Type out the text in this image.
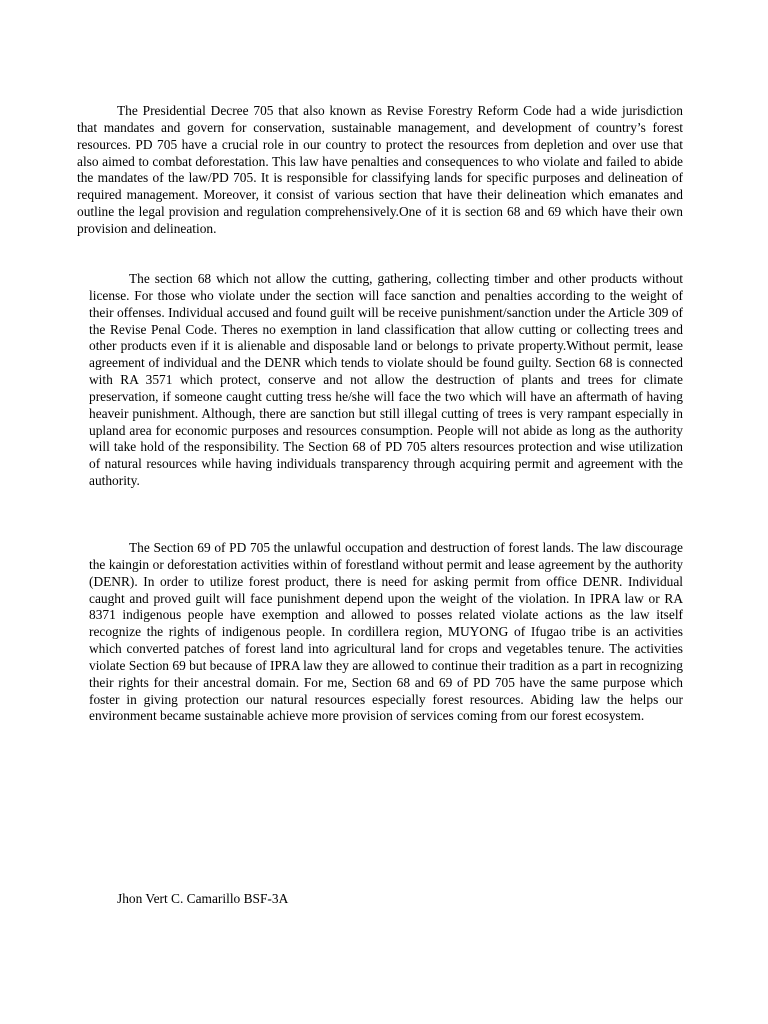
The Presidential Decree 705 that also known as Revise Forestry Reform Code had a wide jurisdiction that mandates and govern for conservation, sustainable management, and development of country’s forest resources. PD 705 have a crucial role in our country to protect the resources from depletion and over use that also aimed to combat deforestation. This law have penalties and consequences to who violate and failed to abide the mandates of the law/PD 705. It is responsible for classifying lands for specific purposes and delineation of required management. Moreover, it consist of various section that have their delineation which emanates and outline the legal provision and regulation comprehensively.One of it is section 68 and 69 which have their own provision and delineation.

The section 68 which not allow the cutting, gathering, collecting timber and other products without license. For those who violate under the section will face sanction and penalties according to the weight of their offenses. Individual accused and found guilt will be receive punishment/sanction under the Article 309 of the Revise Penal Code. Theres no exemption in land classification that allow cutting or collecting trees and other products even if it is alienable and disposable land or belongs to private property.Without permit, lease agreement of individual and the DENR which tends to violate should be found guilty. Section 68 is connected with RA 3571 which protect, conserve and not allow the destruction of plants and trees for climate preservation, if someone caught cutting tress he/she will face the two which will have an aftermath of having heaveir punishment. Although, there are sanction but still illegal cutting of trees is very rampant especially in upland area for economic purposes and resources consumption. People will not abide as long as the authority will take hold of the responsibility. The Section 68 of PD 705 alters resources protection and wise utilization of natural resources while having individuals transparency through acquiring permit and agreement with the authority.

The Section 69 of PD 705 the unlawful occupation and destruction of forest lands. The law discourage the kaingin or deforestation activities within of forestland without permit and lease agreement by the authority (DENR). In order to utilize forest product, there is need for asking permit from office DENR. Individual caught and proved guilt will face punishment depend upon the weight of the violation. In IPRA law or RA 8371 indigenous people have exemption and allowed to posses related violate actions as the law itself recognize the rights of indigenous people. In cordillera region, MUYONG of Ifugao tribe is an activities which converted patches of forest land into agricultural land for crops and vegetables tenure. The activities violate Section 69 but because of IPRA law they are allowed to continue their tradition as a part in recognizing their rights for their ancestral domain. For me, Section 68 and 69 of PD 705 have the same purpose which foster in giving protection our natural resources especially forest resources. Abiding law the helps our environment became sustainable achieve more provision of services coming from our forest ecosystem.

Jhon Vert C. Camarillo BSF-3A
